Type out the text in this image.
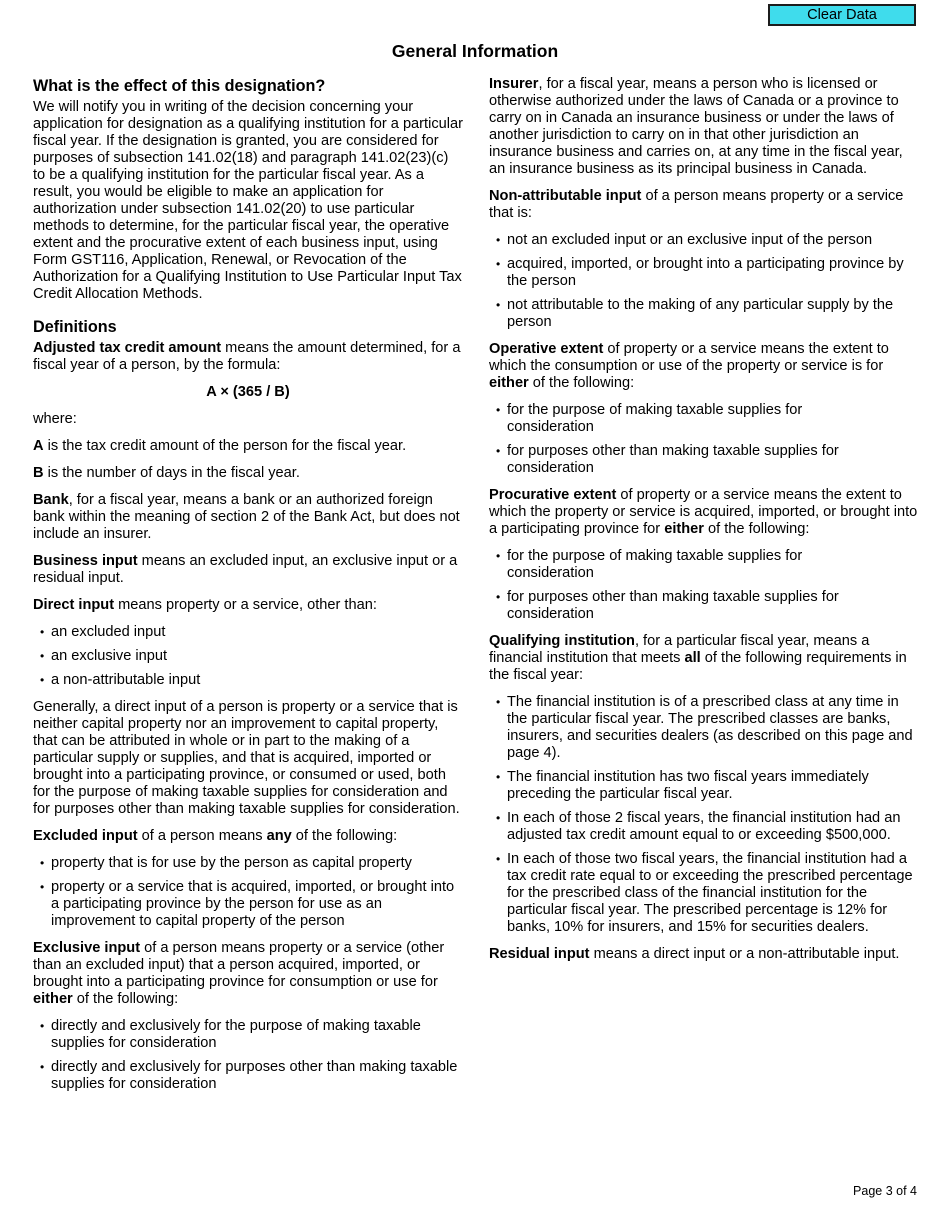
Clear Data
General Information
What is the effect of this designation?

We will notify you in writing of the decision concerning your application for designation as a qualifying institution for a particular fiscal year. If the designation is granted, you are considered for purposes of subsection 141.02(18) and paragraph 141.02(23)(c) to be a qualifying institution for the particular fiscal year. As a result, you would be eligible to make an application for authorization under subsection 141.02(20) to use particular methods to determine, for the particular fiscal year, the operative extent and the procurative extent of each business input, using Form GST116, Application, Renewal, or Revocation of the Authorization for a Qualifying Institution to Use Particular Input Tax Credit Allocation Methods.

Definitions

Adjusted tax credit amount means the amount determined, for a fiscal year of a person, by the formula:

A × (365 / B)

where:

A is the tax credit amount of the person for the fiscal year.

B is the number of days in the fiscal year.

Bank, for a fiscal year, means a bank or an authorized foreign bank within the meaning of section 2 of the Bank Act, but does not include an insurer.

Business input means an excluded input, an exclusive input or a residual input.

Direct input means property or a service, other than:

• an excluded input
• an exclusive input
• a non-attributable input

Generally, a direct input of a person is property or a service that is neither capital property nor an improvement to capital property, that can be attributed in whole or in part to the making of a particular supply or supplies, and that is acquired, imported or brought into a participating province, or consumed or used, both for the purpose of making taxable supplies for consideration and for purposes other than making taxable supplies for consideration.

Excluded input of a person means any of the following:

• property that is for use by the person as capital property
• property or a service that is acquired, imported, or brought into a participating province by the person for use as an improvement to capital property of the person

Exclusive input of a person means property or a service (other than an excluded input) that a person acquired, imported, or brought into a participating province for consumption or use for either of the following:

• directly and exclusively for the purpose of making taxable supplies for consideration
• directly and exclusively for purposes other than making taxable supplies for consideration

Insurer, for a fiscal year, means a person who is licensed or otherwise authorized under the laws of Canada or a province to carry on in Canada an insurance business or under the laws of another jurisdiction to carry on in that other jurisdiction an insurance business and carries on, at any time in the fiscal year, an insurance business as its principal business in Canada.

Non-attributable input of a person means property or a service that is:

• not an excluded input or an exclusive input of the person
• acquired, imported, or brought into a participating province by the person
• not attributable to the making of any particular supply by the person

Operative extent of property or a service means the extent to which the consumption or use of the property or service is for either of the following:

• for the purpose of making taxable supplies for consideration
• for purposes other than making taxable supplies for consideration

Procurative extent of property or a service means the extent to which the property or service is acquired, imported, or brought into a participating province for either of the following:

• for the purpose of making taxable supplies for consideration
• for purposes other than making taxable supplies for consideration

Qualifying institution, for a particular fiscal year, means a financial institution that meets all of the following requirements in the fiscal year:

• The financial institution is of a prescribed class at any time in the particular fiscal year. The prescribed classes are banks, insurers, and securities dealers (as described on this page and page 4).
• The financial institution has two fiscal years immediately preceding the particular fiscal year.
• In each of those 2 fiscal years, the financial institution had an adjusted tax credit amount equal to or exceeding $500,000.
• In each of those two fiscal years, the financial institution had a tax credit rate equal to or exceeding the prescribed percentage for the prescribed class of the financial institution for the particular fiscal year. The prescribed percentage is 12% for banks, 10% for insurers, and 15% for securities dealers.

Residual input means a direct input or a non-attributable input.

Page 3 of 4
